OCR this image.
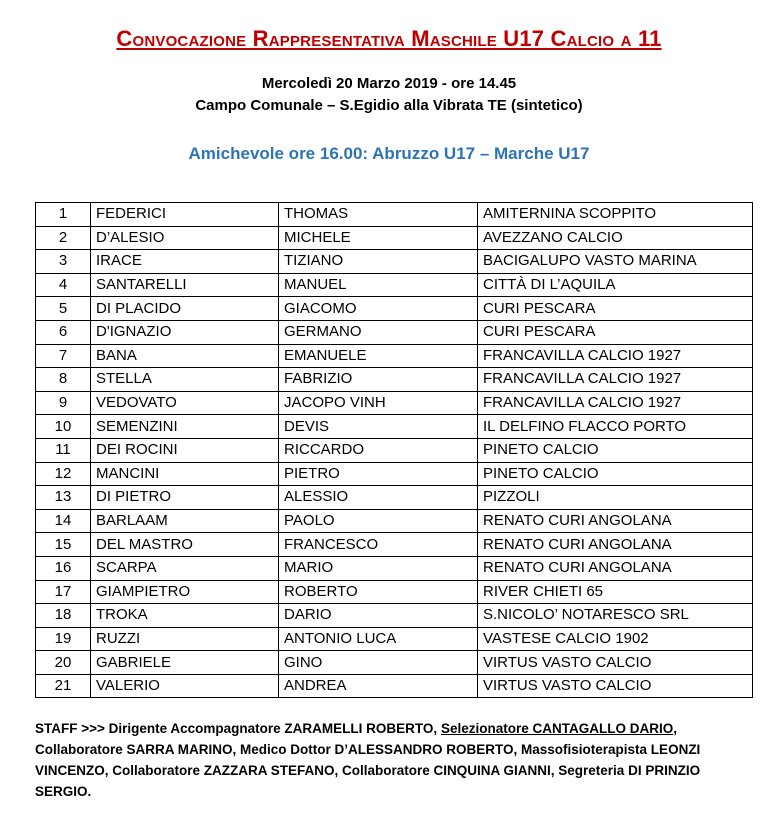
Convocazione Rappresentativa Maschile U17 Calcio a 11
Mercoledì 20 Marzo 2019 - ore 14.45
Campo Comunale – S.Egidio alla Vibrata TE (sintetico)
Amichevole ore 16.00: Abruzzo U17 – Marche U17
1	FEDERICI	THOMAS	AMITERNINA SCOPPITO
2	D’ALESIO	MICHELE	AVEZZANO CALCIO
3	IRACE	TIZIANO	BACIGALUPO VASTO MARINA
4	SANTARELLI	MANUEL	CITTÀ DI L’AQUILA
5	DI PLACIDO	GIACOMO	CURI PESCARA
6	D'IGNAZIO	GERMANO	CURI PESCARA
7	BANA	EMANUELE	FRANCAVILLA CALCIO 1927
8	STELLA	FABRIZIO	FRANCAVILLA CALCIO 1927
9	VEDOVATO	JACOPO VINH	FRANCAVILLA CALCIO 1927
10	SEMENZINI	DEVIS	IL DELFINO FLACCO PORTO
11	DEI ROCINI	RICCARDO	PINETO CALCIO
12	MANCINI	PIETRO	PINETO CALCIO
13	DI PIETRO	ALESSIO	PIZZOLI
14	BARLAAM	PAOLO	RENATO CURI ANGOLANA
15	DEL MASTRO	FRANCESCO	RENATO CURI ANGOLANA
16	SCARPA	MARIO	RENATO CURI ANGOLANA
17	GIAMPIETRO	ROBERTO	RIVER CHIETI 65
18	TROKA	DARIO	S.NICOLO’ NOTARESCO SRL
19	RUZZI	ANTONIO LUCA	VASTESE CALCIO 1902
20	GABRIELE	GINO	VIRTUS VASTO CALCIO
21	VALERIO	ANDREA	VIRTUS VASTO CALCIO
STAFF >>> Dirigente Accompagnatore ZARAMELLI ROBERTO, Selezionatore CANTAGALLO DARIO, Collaboratore SARRA MARINO, Medico Dottor D’ALESSANDRO ROBERTO, Massofisioterapista LEONZI VINCENZO, Collaboratore ZAZZARA STEFANO, Collaboratore CINQUINA GIANNI, Segreteria DI PRINZIO SERGIO.
